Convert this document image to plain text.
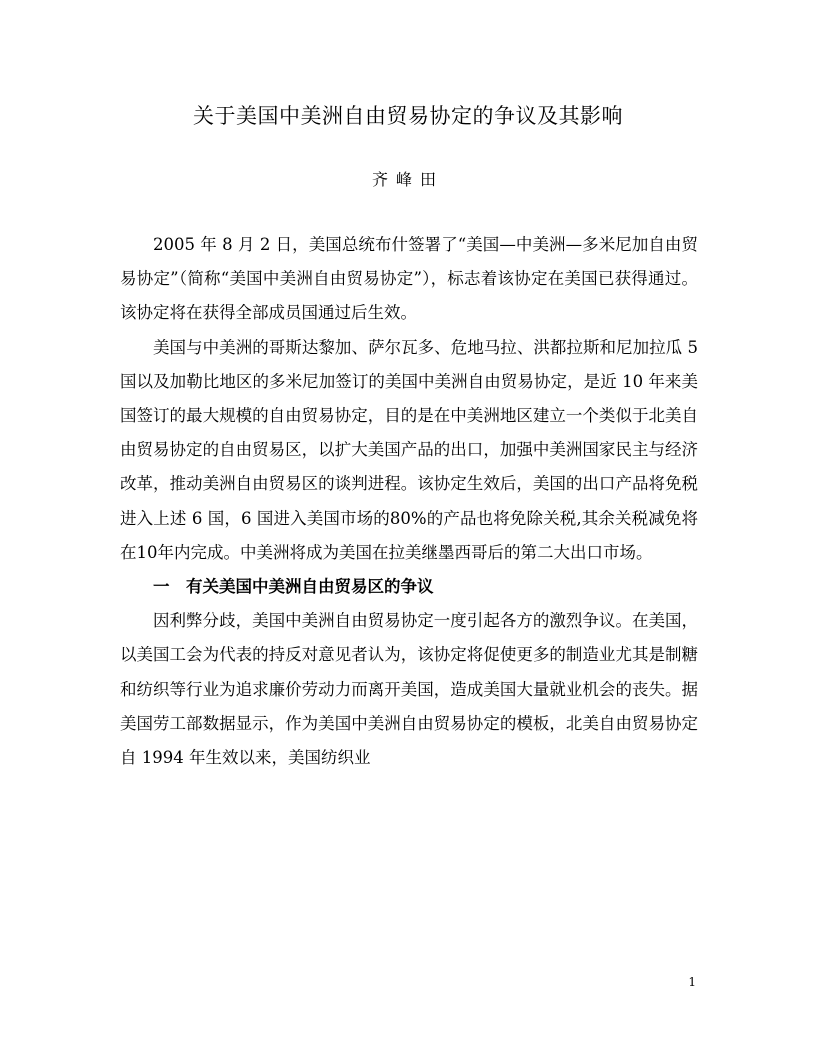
关于美国中美洲自由贸易协定的争议及其影响
齐峰田

2005 年 8 月 2 日，美国总统布什签署了“美国—中美洲—多米尼加自由贸易协定”（简称“美国中美洲自由贸易协定”），标志着该协定在美国已获得通过。该协定将在获得全部成员国通过后生效。

美国与中美洲的哥斯达黎加、萨尔瓦多、危地马拉、洪都拉斯和尼加拉瓜 5 国以及加勒比地区的多米尼加签订的美国中美洲自由贸易协定，是近 10 年来美国签订的最大规模的自由贸易协定，目的是在中美洲地区建立一个类似于北美自由贸易协定的自由贸易区，以扩大美国产品的出口，加强中美洲国家民主与经济改革，推动美洲自由贸易区的谈判进程。该协定生效后，美国的出口产品将免税进入上述 6 国，6 国进入美国市场的80%的产品也将免除关税,其余关税减免将在10年内完成。中美洲将成为美国在拉美继墨西哥后的第二大出口市场。

一 有关美国中美洲自由贸易区的争议

因利弊分歧，美国中美洲自由贸易协定一度引起各方的激烈争议。在美国，以美国工会为代表的持反对意见者认为，该协定将促使更多的制造业尤其是制糖和纺织等行业为追求廉价劳动力而离开美国，造成美国大量就业机会的丧失。据美国劳工部数据显示，作为美国中美洲自由贸易协定的模板，北美自由贸易协定自 1994 年生效以来，美国纺织业

1
